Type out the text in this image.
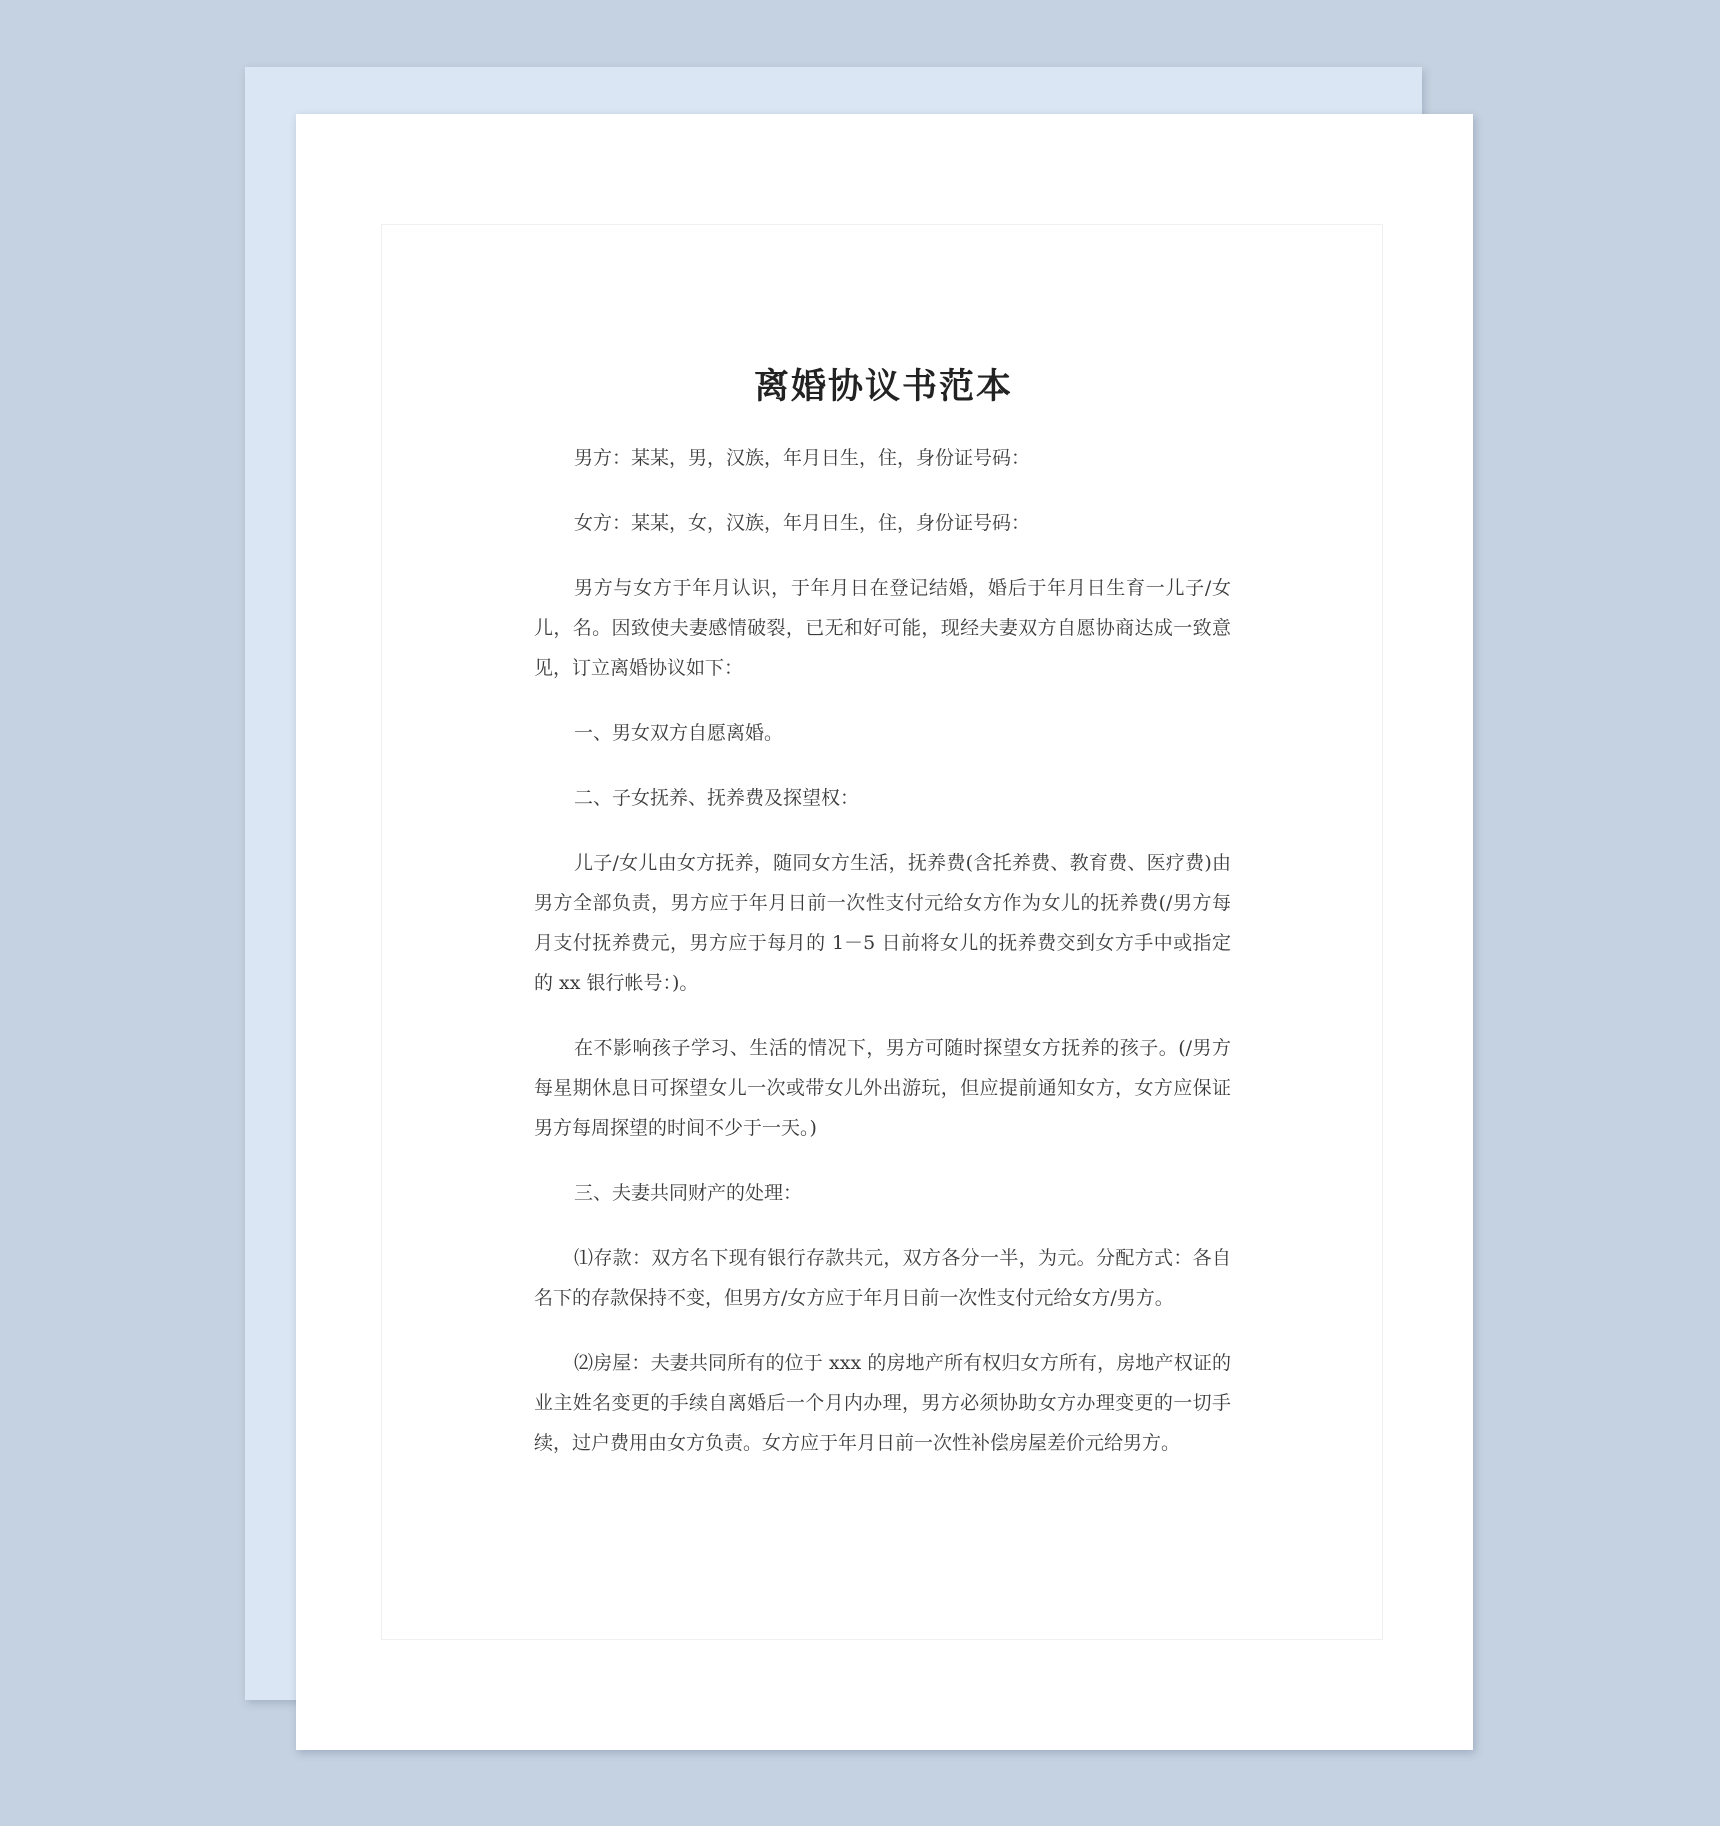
离婚协议书范本

男方：某某，男，汉族，年月日生，住，身份证号码：

女方：某某，女，汉族，年月日生，住，身份证号码：

男方与女方于年月认识，于年月日在登记结婚，婚后于年月日生育一儿子/女儿，名。因致使夫妻感情破裂，已无和好可能，现经夫妻双方自愿协商达成一致意见，订立离婚协议如下：

一、男女双方自愿离婚。

二、子女抚养、抚养费及探望权：

儿子/女儿由女方抚养，随同女方生活，抚养费(含托养费、教育费、医疗费)由男方全部负责，男方应于年月日前一次性支付元给女方作为女儿的抚养费(/男方每月支付抚养费元，男方应于每月的 1－5 日前将女儿的抚养费交到女方手中或指定的 xx 银行帐号：)。

在不影响孩子学习、生活的情况下，男方可随时探望女方抚养的孩子。(/男方每星期休息日可探望女儿一次或带女儿外出游玩，但应提前通知女方，女方应保证男方每周探望的时间不少于一天。)

三、夫妻共同财产的处理：

⑴存款：双方名下现有银行存款共元，双方各分一半，为元。分配方式：各自名下的存款保持不变，但男方/女方应于年月日前一次性支付元给女方/男方。

⑵房屋：夫妻共同所有的位于 xxx 的房地产所有权归女方所有，房地产权证的业主姓名变更的手续自离婚后一个月内办理，男方必须协助女方办理变更的一切手续，过户费用由女方负责。女方应于年月日前一次性补偿房屋差价元给男方。
